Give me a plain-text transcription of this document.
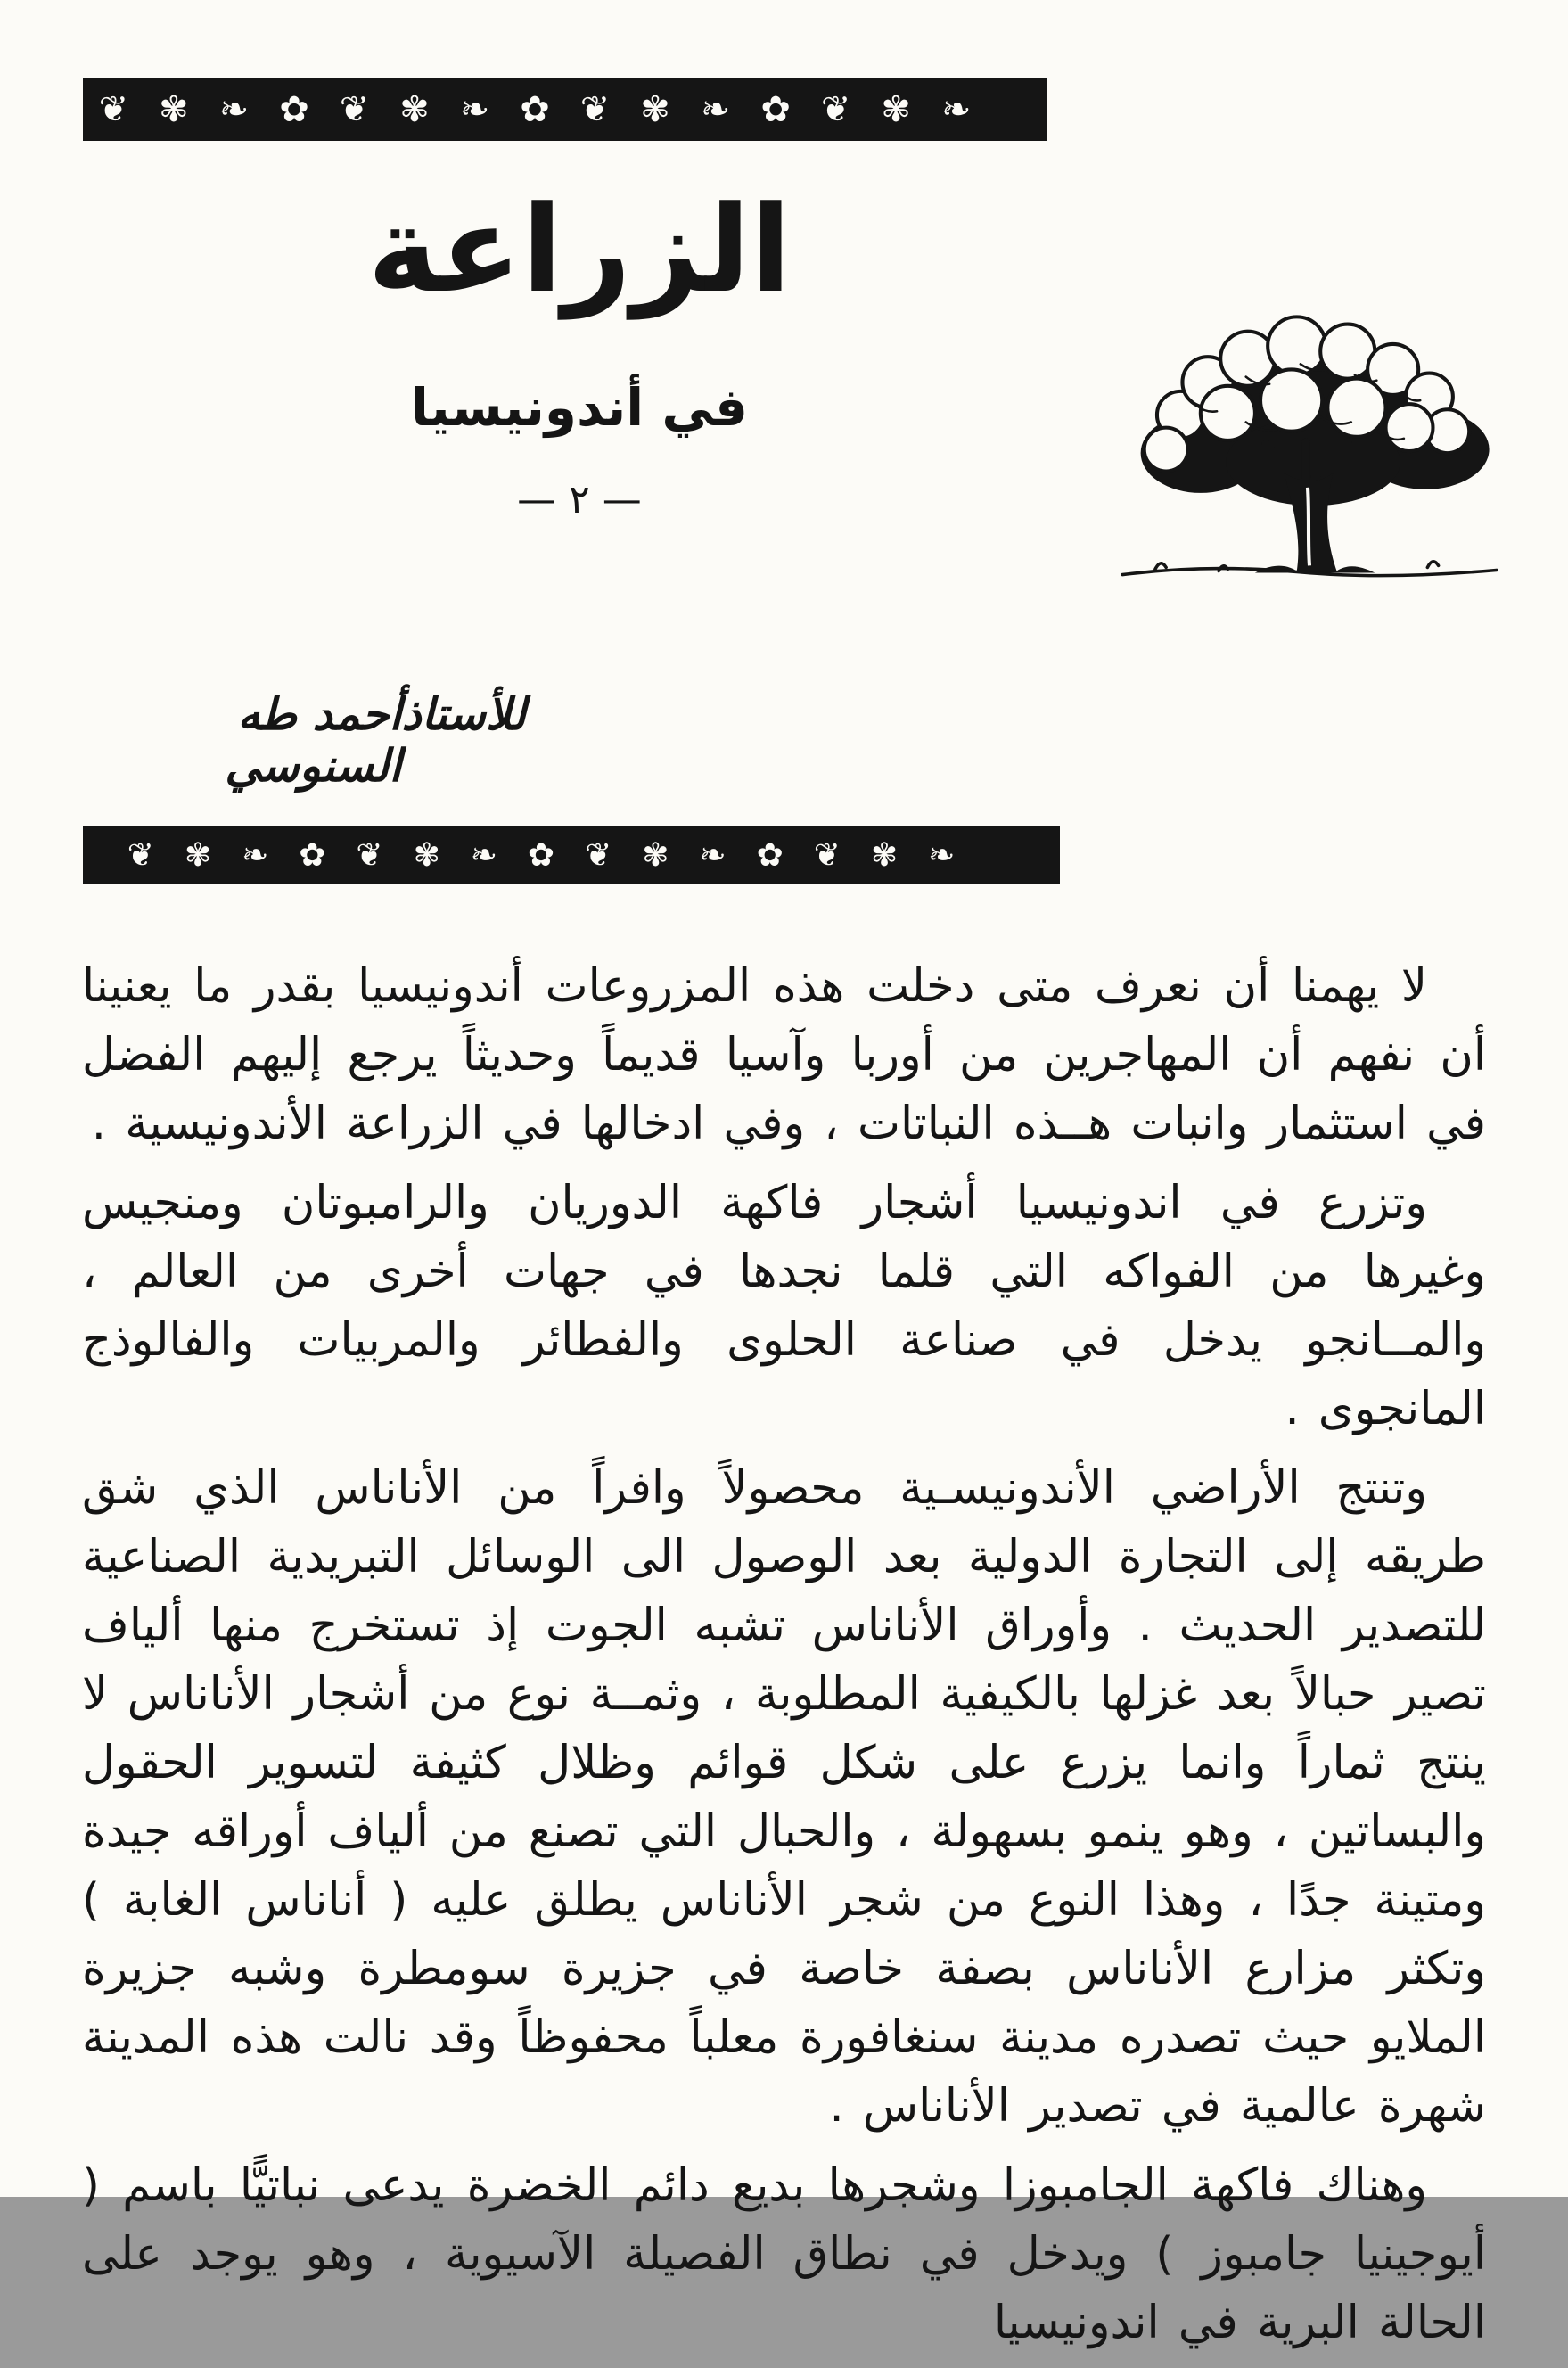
❧✾❦✿❧✾❦✿❧✾❦✿❧✾❦
الزراعة
في أندونيسيا
— ٢ —
للأستاذ
أحمد طه السنوسي
❧✾❦✿❧✾❦✿❧✾❦✿❧✾❦

لا يهمنا أن نعرف متى دخلت هذه المزروعات أندونيسيا بقدر ما يعنينا أن نفهم أن المهاجرين من أوربا وآسيا قديماً وحديثاً يرجع إليهم الفضل في استثمار وانبات هــذه النباتات ، وفي ادخالها في الزراعة الأندونيسية .

وتزرع في اندونيسيا أشجار فاكهة الدوريان والرامبوتان ومنجيس وغيرها من الفواكه التي قلما نجدها في جهات أخرى من العالم ، والمــانجو يدخل في صناعة الحلوى والفطائر والمربيات والفالوذج المانجوى .

وتنتج الأراضي الأندونيسـية محصولاً وافراً من الأناناس الذي شق طريقه إلى التجارة الدولية بعد الوصول الى الوسائل التبريدية الصناعية للتصدير الحديث . وأوراق الأناناس تشبه الجوت إذ تستخرج منها ألياف تصير حبالاً بعد غزلها بالكيفية المطلوبة ، وثمــة نوع من أشجار الأناناس لا ينتج ثماراً وانما يزرع على شكل قوائم وظلال كثيفة لتسوير الحقول والبساتين ، وهو ينمو بسهولة ، والحبال التي تصنع من ألياف أوراقه جيدة ومتينة جدًا ، وهذا النوع من شجر الأناناس يطلق عليه ( أناناس الغابة ) وتكثر مزارع الأناناس بصفة خاصة في جزيرة سومطرة وشبه جزيرة الملايو حيث تصدره مدينة سنغافورة معلباً محفوظاً وقد نالت هذه المدينة شهرة عالمية في تصدير الأناناس .

وهناك فاكهة الجامبوزا وشجرها بديع دائم الخضرة يدعى نباتيًّا باسم ( أيوجينيا جامبوز ) ويدخل في نطاق الفصيلة الآسيوية ، وهو يوجد على الحالة البرية في اندونيسيا
